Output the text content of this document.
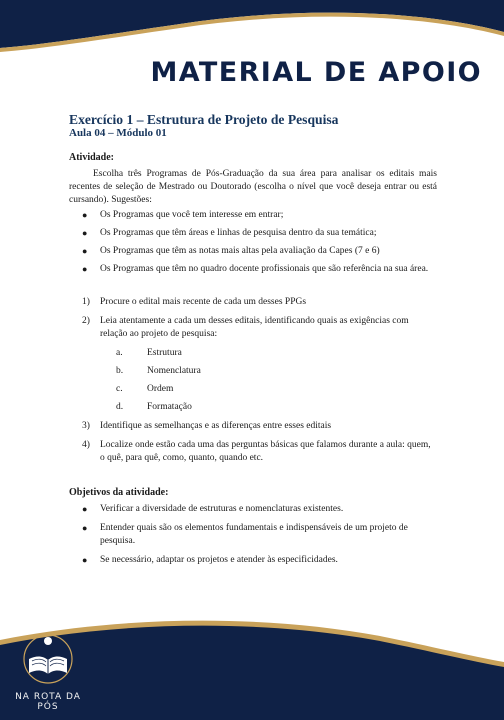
MATERIAL DE APOIO
Exercício 1 – Estrutura de Projeto de Pesquisa
Aula 04 – Módulo 01
Atividade:

Escolha três Programas de Pós-Graduação da sua área para analisar os editais mais recentes de seleção de Mestrado ou Doutorado (escolha o nível que você deseja entrar ou está cursando). Sugestões:

● Os Programas que você tem interesse em entrar;
● Os Programas que têm áreas e linhas de pesquisa dentro da sua temática;
● Os Programas que têm as notas mais altas pela avaliação da Capes (7 e 6)
● Os Programas que têm no quadro docente profissionais que são referência na sua área.
1) Procure o edital mais recente de cada um desses PPGs
2) Leia atentamente a cada um desses editais, identificando quais as exigências com relação ao projeto de pesquisa:
a.	Estrutura
b.	Nomenclatura
c.	Ordem
d.	Formatação
3) Identifique as semelhanças e as diferenças entre esses editais
4) Localize onde estão cada uma das perguntas básicas que falamos durante a aula: quem, o quê, para quê, como, quanto, quando etc.
Objetivos da atividade:
● Verificar a diversidade de estruturas e nomenclaturas existentes.
● Entender quais são os elementos fundamentais e indispensáveis de um projeto de pesquisa.
● Se necessário, adaptar os projetos e atender às especificidades.
NA ROTA DA PÓS
